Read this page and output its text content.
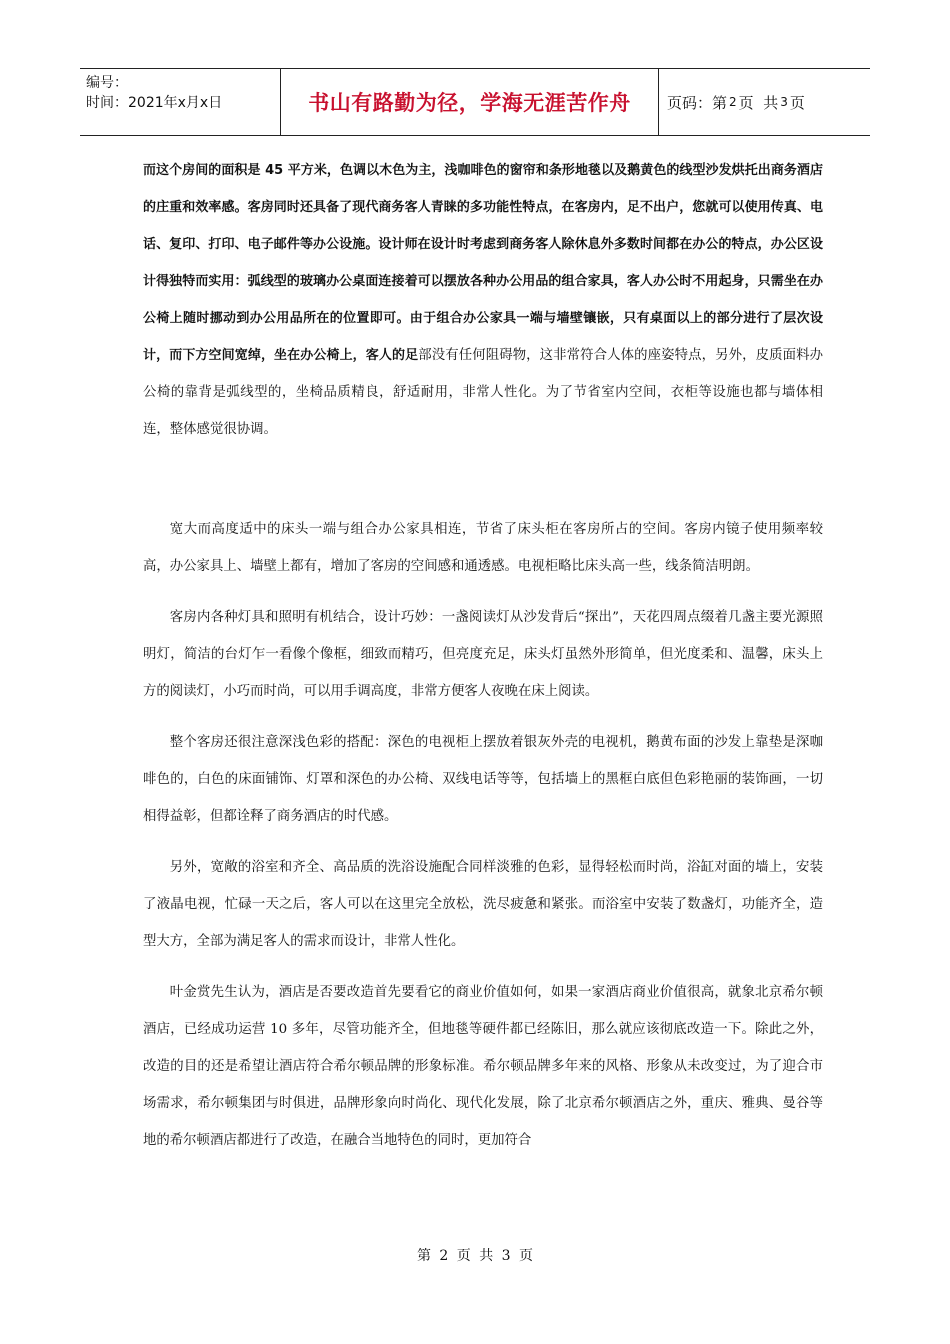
编号：
时间：2021年x月x日	书山有路勤为径，学海无涯苦作舟	页码：第 2 页  共 3 页

而这个房间的面积是 45 平方米，色调以木色为主，浅咖啡色的窗帘和条形地毯以及鹅黄色的线型沙发烘托出商务酒店的庄重和效率感。客房同时还具备了现代商务客人青睐的多功能性特点，在客房内，足不出户，您就可以使用传真、电话、复印、打印、电子邮件等办公设施。设计师在设计时考虑到商务客人除休息外多数时间都在办公的特点，办公区设计得独特而实用：弧线型的玻璃办公桌面连接着可以摆放各种办公用品的组合家具，客人办公时不用起身，只需坐在办公椅上随时挪动到办公用品所在的位置即可。由于组合办公家具一端与墙壁镶嵌，只有桌面以上的部分进行了层次设计，而下方空间宽绰，坐在办公椅上，客人的足部没有任何阻碍物，这非常符合人体的座姿特点，另外，皮质面料办公椅的靠背是弧线型的，坐椅品质精良，舒适耐用，非常人性化。为了节省室内空间，衣柜等设施也都与墙体相连，整体感觉很协调。

宽大而高度适中的床头一端与组合办公家具相连，节省了床头柜在客房所占的空间。客房内镜子使用频率较高，办公家具上、墙壁上都有，增加了客房的空间感和通透感。电视柜略比床头高一些，线条简洁明朗。

客房内各种灯具和照明有机结合，设计巧妙：一盏阅读灯从沙发背后“探出”，天花四周点缀着几盏主要光源照明灯，简洁的台灯乍一看像个像框，细致而精巧，但亮度充足，床头灯虽然外形简单，但光度柔和、温馨，床头上方的阅读灯，小巧而时尚，可以用手调高度，非常方便客人夜晚在床上阅读。

整个客房还很注意深浅色彩的搭配：深色的电视柜上摆放着银灰外壳的电视机，鹅黄布面的沙发上靠垫是深咖啡色的，白色的床面铺饰、灯罩和深色的办公椅、双线电话等等，包括墙上的黑框白底但色彩艳丽的装饰画，一切相得益彰，但都诠释了商务酒店的时代感。

另外，宽敞的浴室和齐全、高品质的洗浴设施配合同样淡雅的色彩，显得轻松而时尚，浴缸对面的墙上，安装了液晶电视，忙碌一天之后，客人可以在这里完全放松，洗尽疲惫和紧张。而浴室中安装了数盏灯，功能齐全，造型大方，全部为满足客人的需求而设计，非常人性化。

叶金赏先生认为，酒店是否要改造首先要看它的商业价值如何，如果一家酒店商业价值很高，就象北京希尔顿酒店，已经成功运营 10 多年，尽管功能齐全，但地毯等硬件都已经陈旧，那么就应该彻底改造一下。除此之外，改造的目的还是希望让酒店符合希尔顿品牌的形象标准。希尔顿品牌多年来的风格、形象从未改变过，为了迎合市场需求，希尔顿集团与时俱进，品牌形象向时尚化、现代化发展，除了北京希尔顿酒店之外，重庆、雅典、曼谷等地的希尔顿酒店都进行了改造，在融合当地特色的同时，更加符合

第 2 页 共 3 页
